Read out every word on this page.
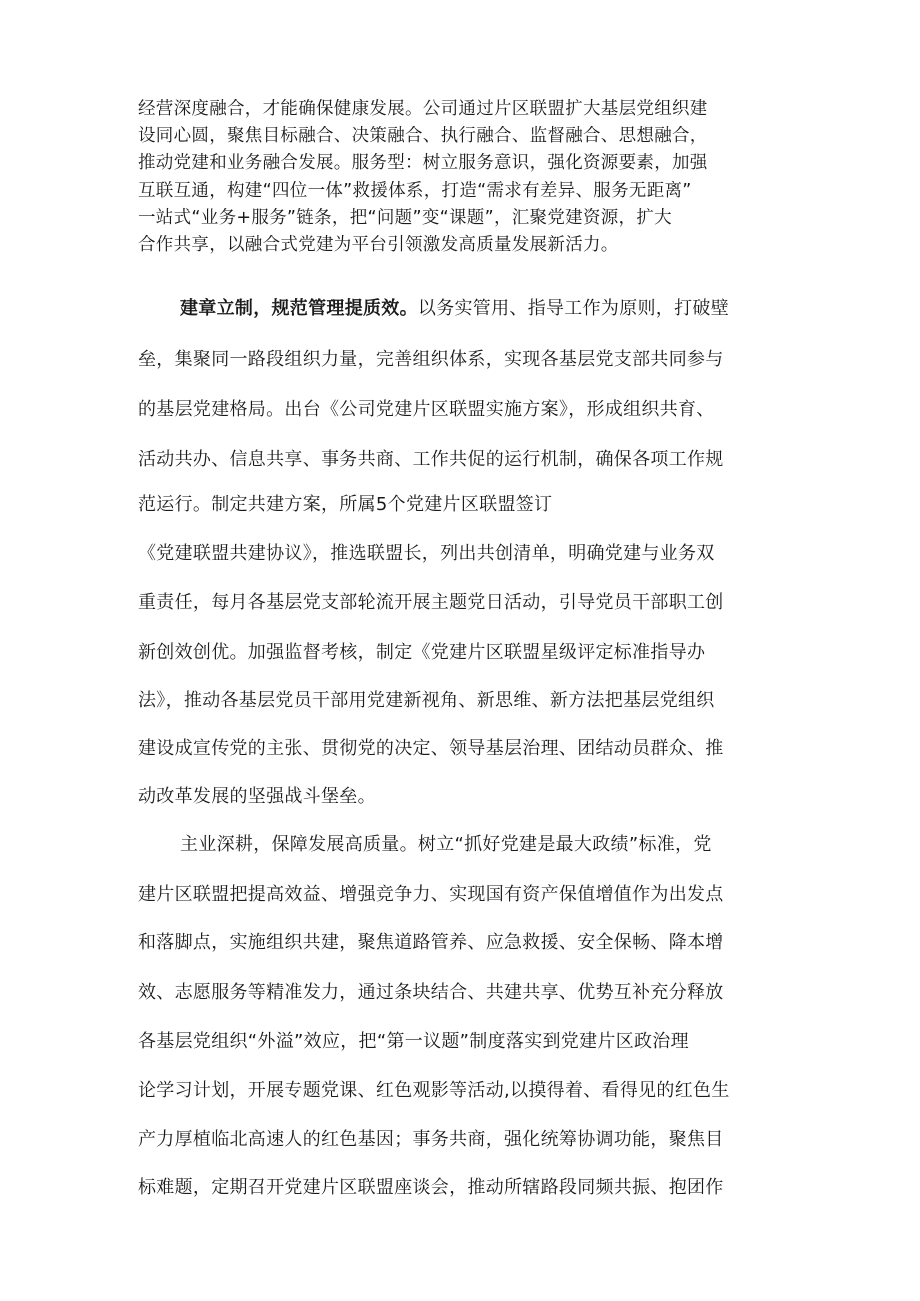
经营深度融合，才能确保健康发展。公司通过片区联盟扩大基层党组织建
设同心圆，聚焦目标融合、决策融合、执行融合、监督融合、思想融合，
推动党建和业务融合发展。服务型：树立服务意识，强化资源要素，加强
互联互通，构建“四位一体”救援体系，打造“需求有差异、服务无距离”
一站式“业务+服务”链条，把“问题”变“课题”，汇聚党建资源，扩大
合作共享，以融合式党建为平台引领激发高质量发展新活力。
建章立制，规范管理提质效。以务实管用、指导工作为原则，打破壁
垒，集聚同一路段组织力量，完善组织体系，实现各基层党支部共同参与
的基层党建格局。出台《公司党建片区联盟实施方案》，形成组织共育、
活动共办、信息共享、事务共商、工作共促的运行机制，确保各项工作规
范运行。制定共建方案，所属5个党建片区联盟签订
《党建联盟共建协议》，推选联盟长，列出共创清单，明确党建与业务双
重责任，每月各基层党支部轮流开展主题党日活动，引导党员干部职工创
新创效创优。加强监督考核，制定《党建片区联盟星级评定标准指导办
法》，推动各基层党员干部用党建新视角、新思维、新方法把基层党组织
建设成宣传党的主张、贯彻党的决定、领导基层治理、团结动员群众、推
动改革发展的坚强战斗堡垒。
主业深耕，保障发展高质量。树立“抓好党建是最大政绩”标准，党
建片区联盟把提高效益、增强竞争力、实现国有资产保值增值作为出发点
和落脚点，实施组织共建，聚焦道路管养、应急救援、安全保畅、降本增
效、志愿服务等精准发力，通过条块结合、共建共享、优势互补充分释放
各基层党组织“外溢”效应，把“第一议题”制度落实到党建片区政治理
论学习计划，开展专题党课、红色观影等活动,以摸得着、看得见的红色生
产力厚植临北高速人的红色基因；事务共商，强化统筹协调功能，聚焦目
标难题，定期召开党建片区联盟座谈会，推动所辖路段同频共振、抱团作
